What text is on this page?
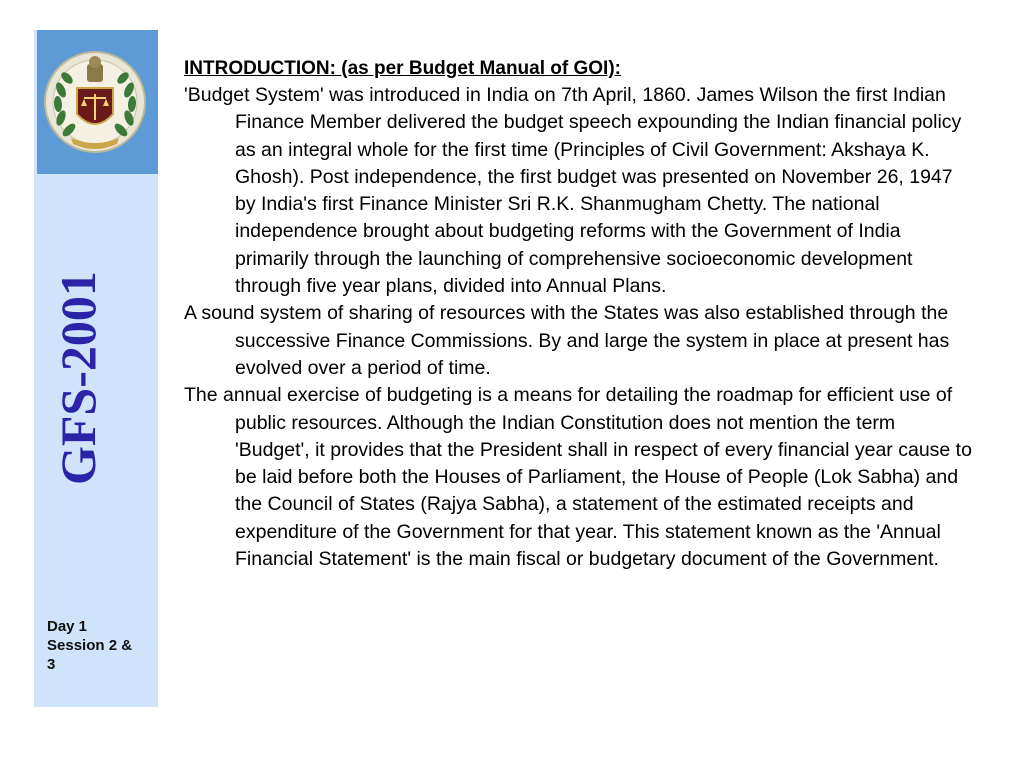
GFS-2001
Day 1
Session 2 &
3

INTRODUCTION: (as per Budget Manual of GOI):

'Budget System' was introduced in India on 7th April, 1860. James Wilson the first Indian Finance Member delivered the budget speech expounding the Indian financial policy as an integral whole for the first time (Principles of Civil Government: Akshaya K. Ghosh). Post independence, the first budget was presented on November 26, 1947 by India's first Finance Minister Sri R.K. Shanmugham Chetty. The national independence brought about budgeting reforms with the Government of India primarily through the launching of comprehensive socioeconomic development through five year plans, divided into Annual Plans.

A sound system of sharing of resources with the States was also established through the successive Finance Commissions. By and large the system in place at present has evolved over a period of time.

The annual exercise of budgeting is a means for detailing the roadmap for efficient use of public resources. Although the Indian Constitution does not mention the term 'Budget', it provides that the President shall in respect of every financial year cause to be laid before both the Houses of Parliament, the House of People (Lok Sabha) and the Council of States (Rajya Sabha), a statement of the estimated receipts and expenditure of the Government for that year. This statement known as the 'Annual Financial Statement' is the main fiscal or budgetary document of the Government.
